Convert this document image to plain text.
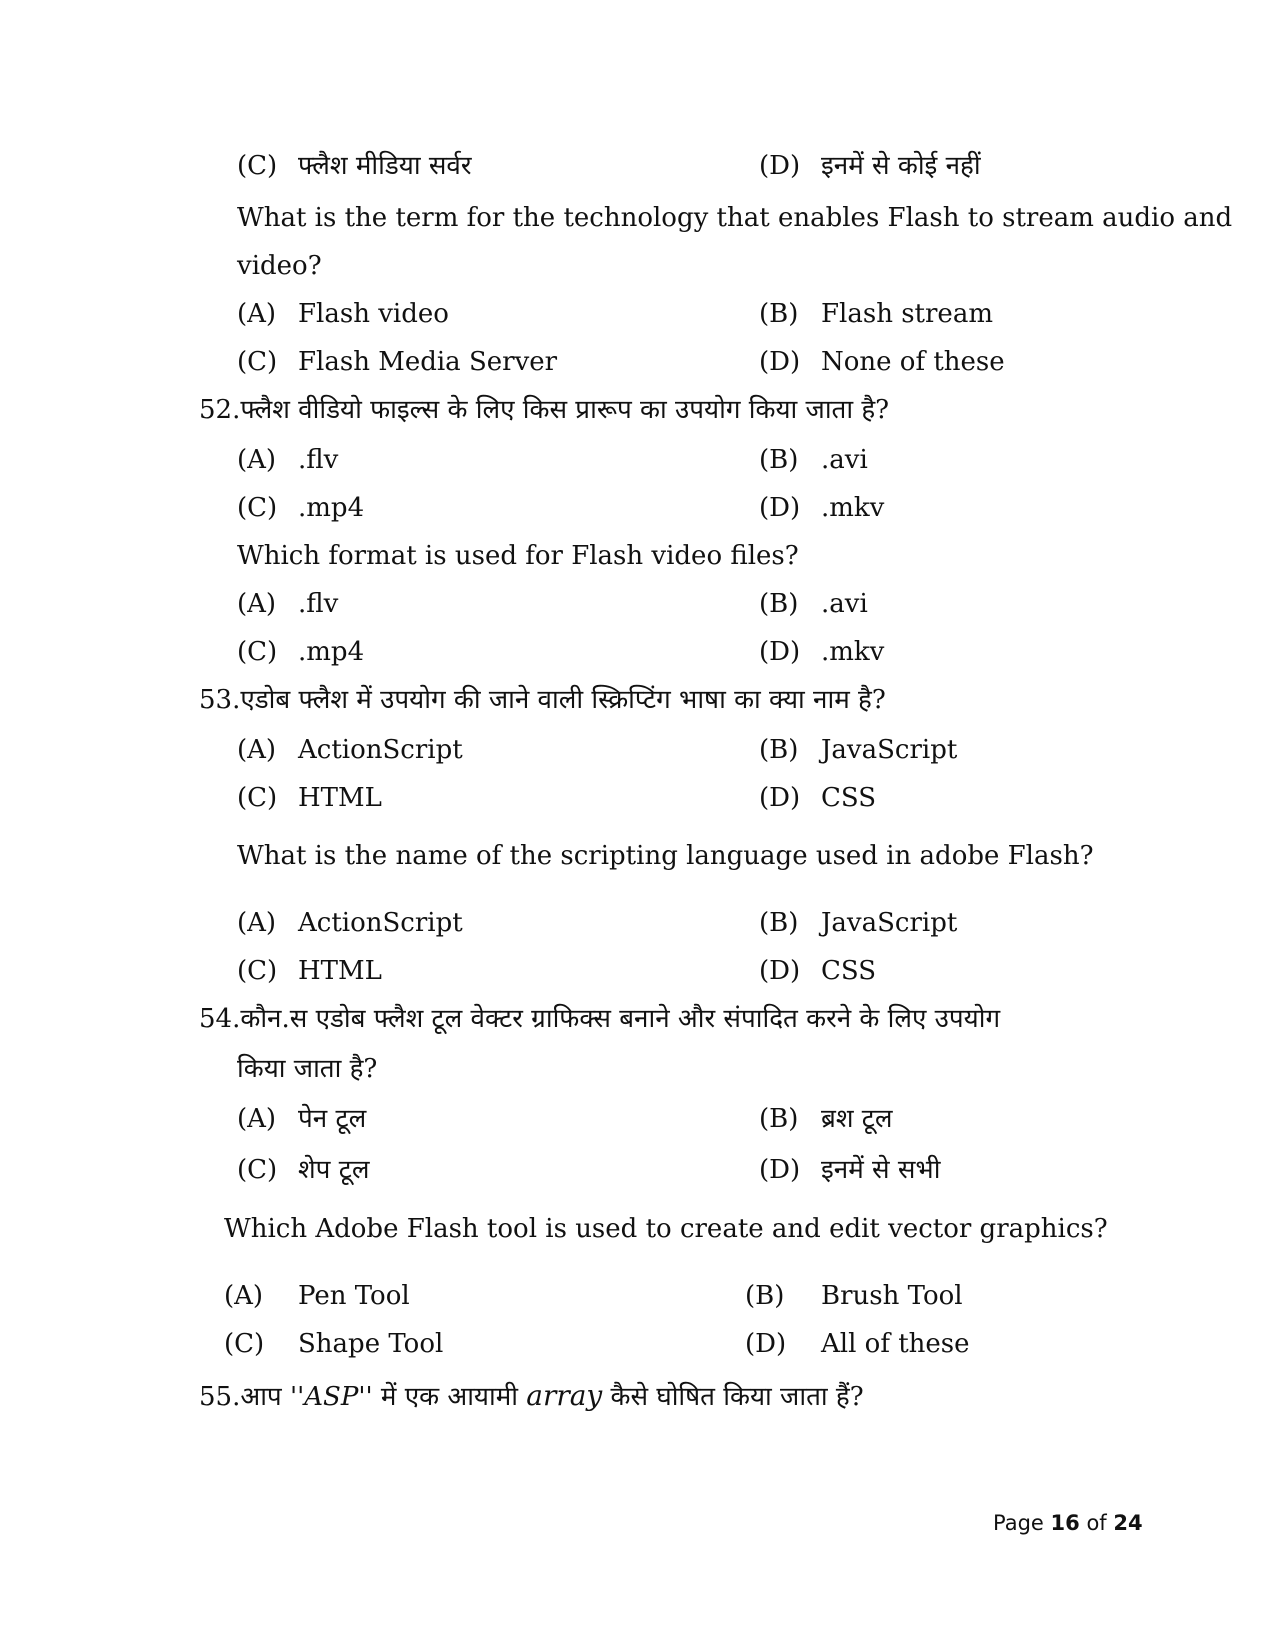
(C) फ्लैश मीडिया सर्वर	(D) इनमें से कोई नहीं
What is the term for the technology that enables Flash to stream audio and
video?
(A) Flash video	(B) Flash stream
(C) Flash Media Server	(D) None of these
52.फ्लैश वीडियो फाइल्स के लिए किस प्रारूप का उपयोग किया जाता है?
(A) .flv	(B) .avi
(C) .mp4	(D) .mkv
Which format is used for Flash video files?
(A) .flv	(B) .avi
(C) .mp4	(D) .mkv
53.एडोब फ्लैश में उपयोग की जाने वाली स्क्रिप्टिंग भाषा का क्या नाम है?
(A) ActionScript	(B) JavaScript
(C) HTML	(D) CSS
What is the name of the scripting language used in adobe Flash?
(A) ActionScript	(B) JavaScript
(C) HTML	(D) CSS
54.कौन.स एडोब फ्लैश टूल वेक्टर ग्राफिक्स बनाने और संपादित करने के लिए उपयोग
किया जाता है?
(A) पेन टूल	(B) ब्रश टूल
(C) शेप टूल	(D) इनमें से सभी
Which Adobe Flash tool is used to create and edit vector graphics?
(A) Pen Tool	(B) Brush Tool
(C) Shape Tool	(D) All of these
55.आप ''ASP'' में एक आयामी array कैसे घोषित किया जाता हैं?
Page 16 of 24
